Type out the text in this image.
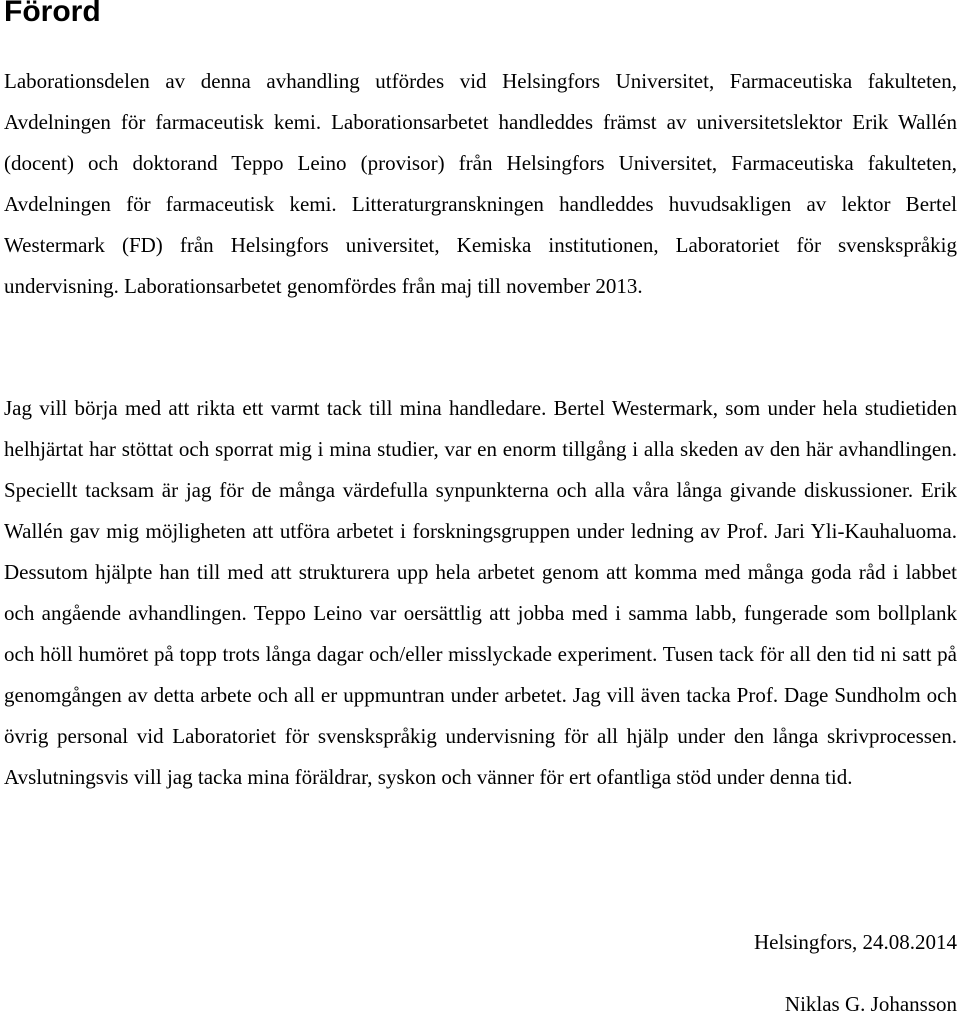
Förord

Laborationsdelen av denna avhandling utfördes vid Helsingfors Universitet, Farmaceutiska fakulteten, Avdelningen för farmaceutisk kemi. Laborationsarbetet handleddes främst av universitetslektor Erik Wallén (docent) och doktorand Teppo Leino (provisor) från Helsingfors Universitet, Farmaceutiska fakulteten, Avdelningen för farmaceutisk kemi. Litteraturgranskningen handleddes huvudsakligen av lektor Bertel Westermark (FD) från Helsingfors universitet, Kemiska institutionen, Laboratoriet för svenskspråkig undervisning. Laborationsarbetet genomfördes från maj till november 2013.

Jag vill börja med att rikta ett varmt tack till mina handledare. Bertel Westermark, som under hela studietiden helhjärtat har stöttat och sporrat mig i mina studier, var en enorm tillgång i alla skeden av den här avhandlingen. Speciellt tacksam är jag för de många värdefulla synpunkterna och alla våra långa givande diskussioner. Erik Wallén gav mig möjligheten att utföra arbetet i forskningsgruppen under ledning av Prof. Jari Yli-Kauhaluoma. Dessutom hjälpte han till med att strukturera upp hela arbetet genom att komma med många goda råd i labbet och angående avhandlingen. Teppo Leino var oersättlig att jobba med i samma labb, fungerade som bollplank och höll humöret på topp trots långa dagar och/eller misslyckade experiment. Tusen tack för all den tid ni satt på genomgången av detta arbete och all er uppmuntran under arbetet. Jag vill även tacka Prof. Dage Sundholm och övrig personal vid Laboratoriet för svenskspråkig undervisning för all hjälp under den långa skrivprocessen. Avslutningsvis vill jag tacka mina föräldrar, syskon och vänner för ert ofantliga stöd under denna tid.

Helsingfors, 24.08.2014

Niklas G. Johansson
